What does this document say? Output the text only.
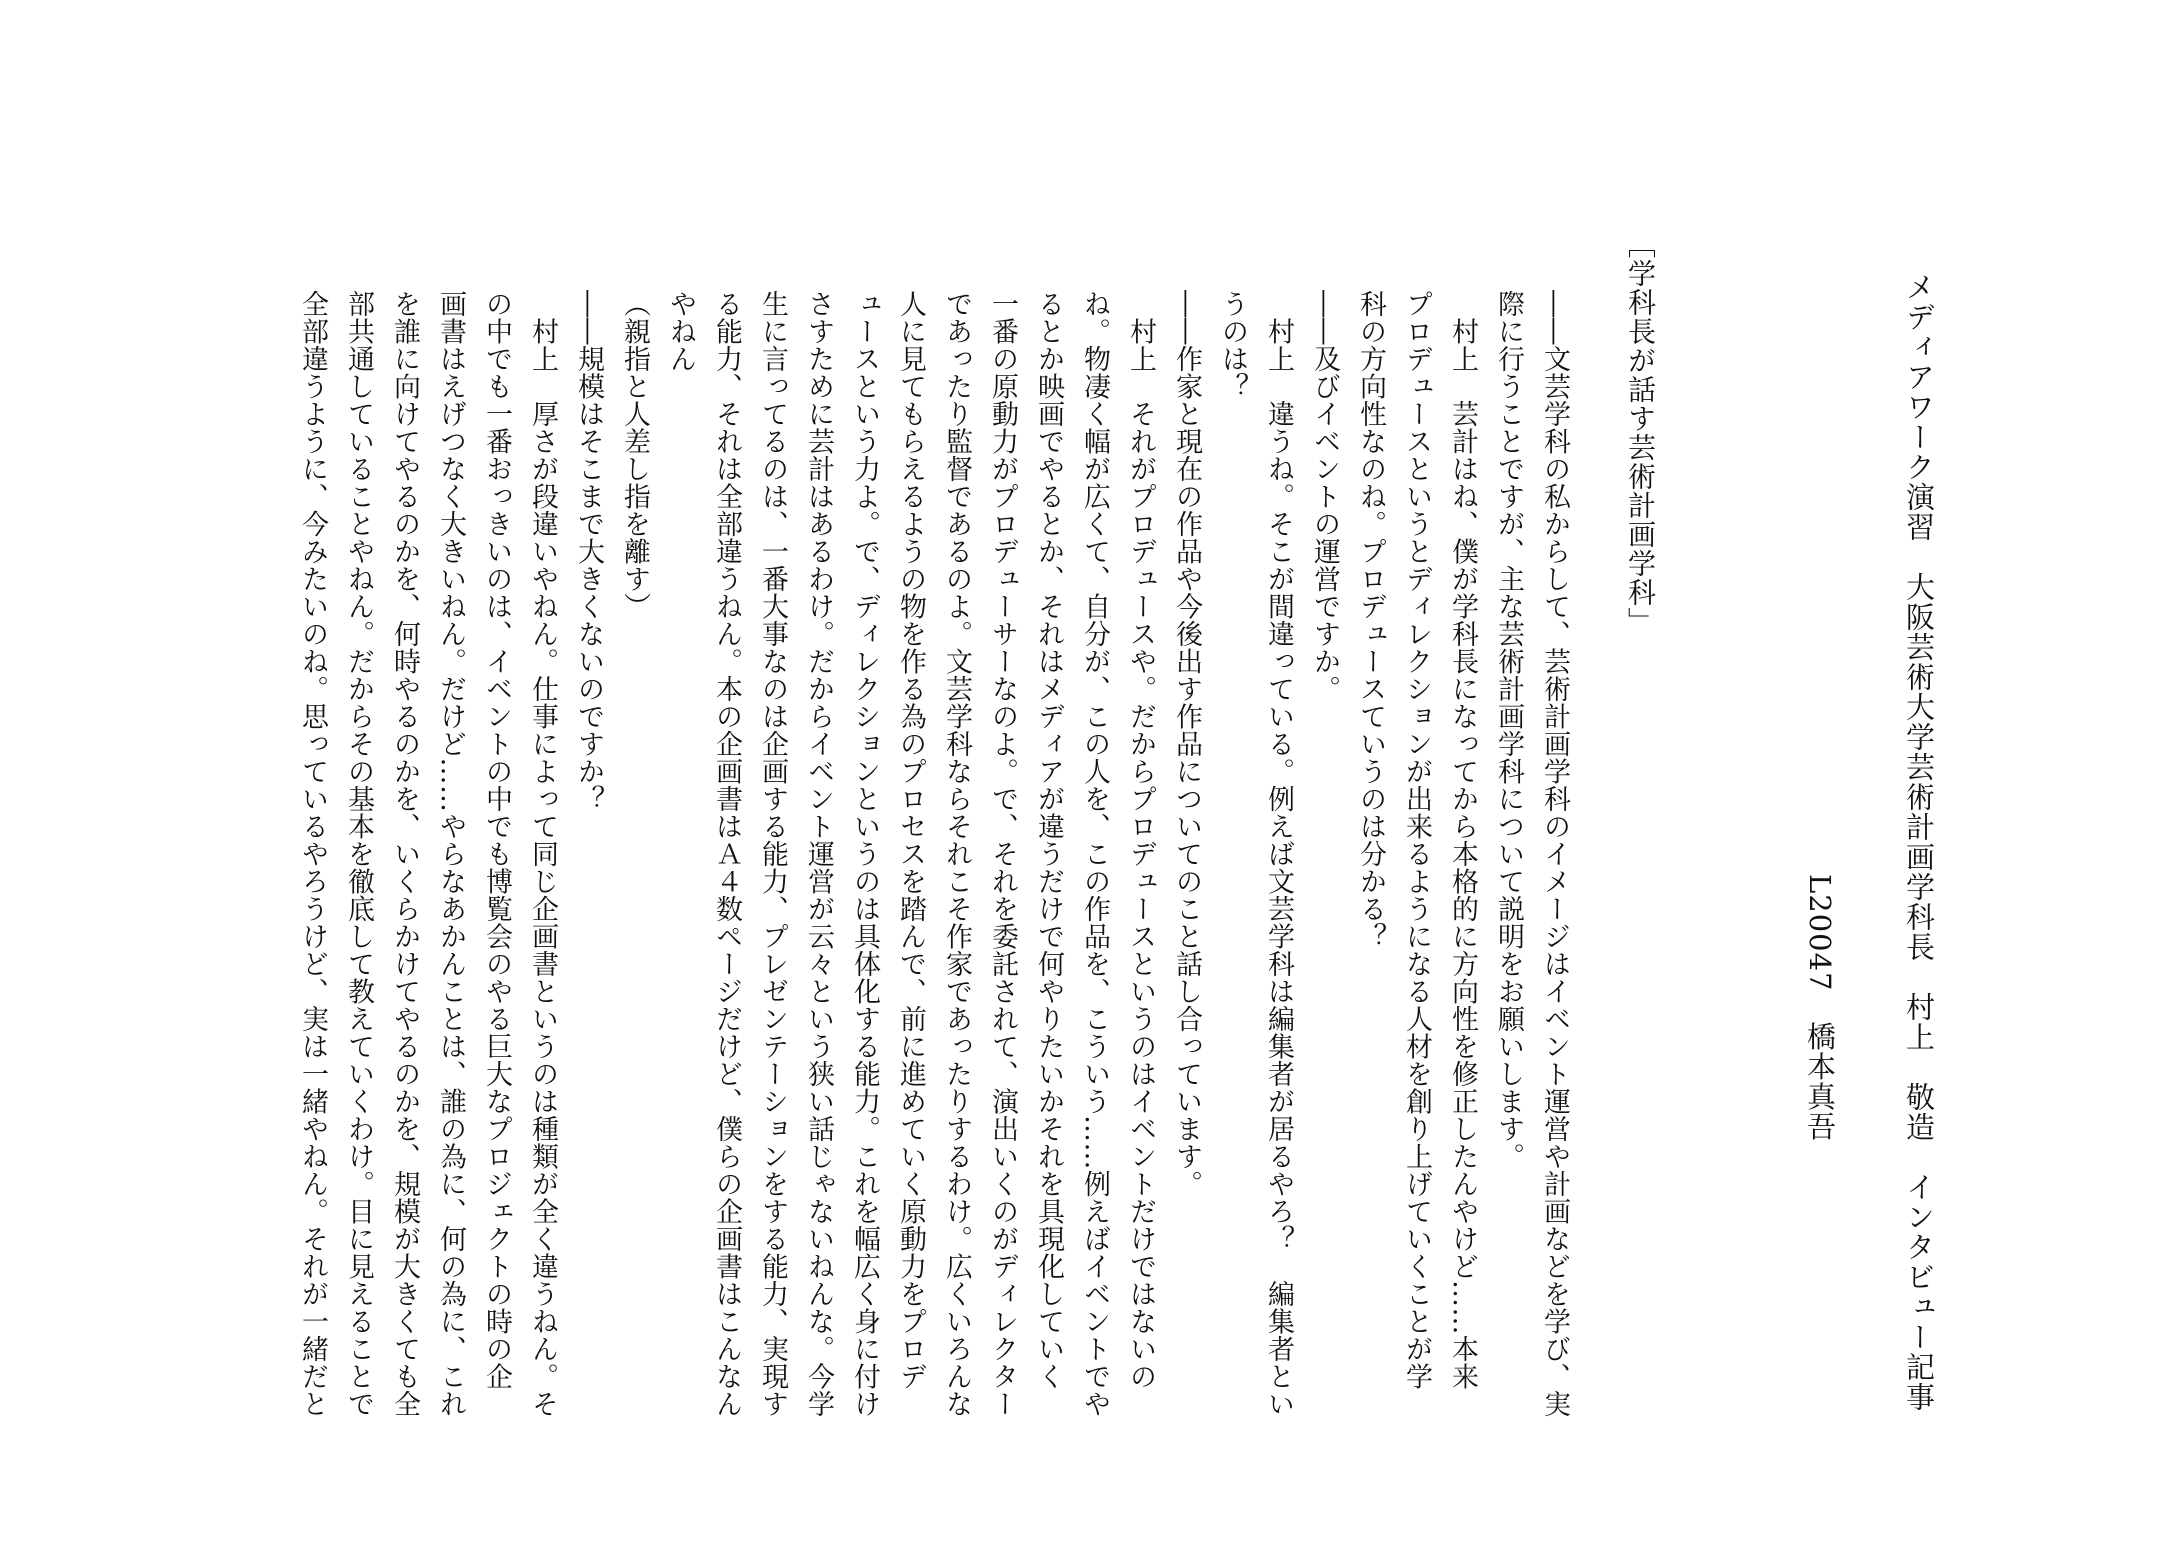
メディアワーク演習　大阪芸術大学芸術計画学科長　村上　敬造　インタビュー記事
L20047　橋本真吾
［学科長が話す芸術計画学科」
――文芸学科の私からして、芸術計画学科のイメージはイベント運営や計画などを学び、実
際に行うことですが、主な芸術計画学科について説明をお願いします。
　村上　芸計はね、僕が学科長になってから本格的に方向性を修正したんやけど……本来
プロデュースというとディレクションが出来るようになる人材を創り上げていくことが学
科の方向性なのね。プロデュースていうのは分かる？
――及びイベントの運営ですか。
　村上　違うね。そこが間違っている。例えば文芸学科は編集者が居るやろ？　編集者とい
うのは？
――作家と現在の作品や今後出す作品についてのこと話し合っています。
　村上　それがプロデュースや。だからプロデュースというのはイベントだけではないの
ね。物凄く幅が広くて、自分が、この人を、この作品を、こういう……例えばイベントでや
るとか映画でやるとか、それはメディアが違うだけで何やりたいかそれを具現化していく
一番の原動力がプロデューサーなのよ。で、それを委託されて、演出いくのがディレクター
であったり監督であるのよ。文芸学科ならそれこそ作家であったりするわけ。広くいろんな
人に見てもらえるようの物を作る為のプロセスを踏んで、前に進めていく原動力をプロデ
ュースという力よ。で、ディレクションというのは具体化する能力。これを幅広く身に付け
さすために芸計はあるわけ。だからイベント運営が云々という狭い話じゃないねんな。今学
生に言ってるのは、一番大事なのは企画する能力、プレゼンテーションをする能力、実現す
る能力、それは全部違うねん。本の企画書はＡ４数ページだけど、僕らの企画書はこんなん
やねん
（親指と人差し指を離す）
――規模はそこまで大きくないのですか？
　村上　厚さが段違いやねん。仕事によって同じ企画書というのは種類が全く違うねん。そ
の中でも一番おっきいのは、イベントの中でも博覧会のやる巨大なプロジェクトの時の企
画書はえげつなく大きいねん。だけど……やらなあかんことは、誰の為に、何の為に、これ
を誰に向けてやるのかを、何時やるのかを、いくらかけてやるのかを、規模が大きくても全
部共通していることやねん。だからその基本を徹底して教えていくわけ。目に見えることで
全部違うように、今みたいのね。思っているやろうけど、実は一緒やねん。それが一緒だと
